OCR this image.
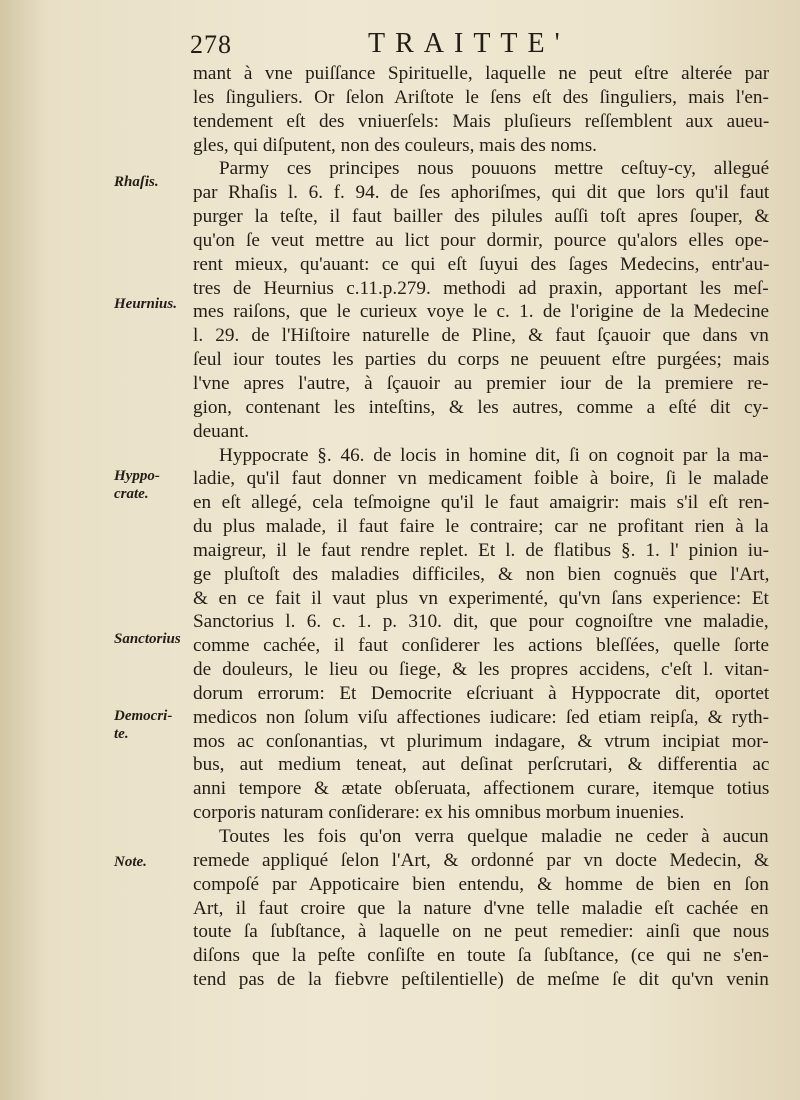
278	TRAITTE'
Rhaſis.
Heurnius.
Hyppo-
crate.
Sanctorius
Democri-
te.
Note.
mant à vne puiſſance Spirituelle, laquelle ne peut eſtre alterée par
les ſinguliers. Or ſelon Ariſtote le ſens eſt des ſinguliers, mais l'en-
tendement eſt des vniuerſels: Mais pluſieurs reſſemblent aux aueu-
gles, qui diſputent, non des couleurs, mais des noms.
Parmy ces principes nous pouuons mettre ceſtuy-cy, allegué
par Rhaſis l. 6. f. 94. de ſes aphoriſmes, qui dit que lors qu'il faut
purger la teſte, il faut bailler des pilules auſſi toſt apres ſouper, &
qu'on ſe veut mettre au lict pour dormir, pource qu'alors elles ope-
rent mieux, qu'auant: ce qui eſt ſuyui des ſages Medecins, entr'au-
tres de Heurnius c.11.p.279. methodi ad praxin, apportant les meſ-
mes raiſons, que le curieux voye le c. 1. de l'origine de la Medecine
l. 29. de l'Hiſtoire naturelle de Pline, & faut ſçauoir que dans vn
ſeul iour toutes les parties du corps ne peuuent eſtre purgées; mais
l'vne apres l'autre, à ſçauoir au premier iour de la premiere re-
gion, contenant les inteſtins, & les autres, comme a eſté dit cy-
deuant.
Hyppocrate §. 46. de locis in homine dit, ſi on cognoit par la ma-
ladie, qu'il faut donner vn medicament foible à boire, ſi le malade
en eſt allegé, cela teſmoigne qu'il le faut amaigrir: mais s'il eſt ren-
du plus malade, il faut faire le contraire; car ne profitant rien à la
maigreur, il le faut rendre replet. Et l. de flatibus §. 1. l' pinion iu-
ge pluſtoſt des maladies difficiles, & non bien cognuës que l'Art,
& en ce fait il vaut plus vn experimenté, qu'vn ſans experience: Et
Sanctorius l. 6. c. 1. p. 310. dit, que pour cognoiſtre vne maladie,
comme cachée, il faut conſiderer les actions bleſſées, quelle ſorte
de douleurs, le lieu ou ſiege, & les propres accidens, c'eſt l. vitan-
dorum errorum: Et Democrite eſcriuant à Hyppocrate dit, oportet
medicos non ſolum viſu affectiones iudicare: ſed etiam reipſa, & ryth-
mos ac conſonantias, vt plurimum indagare, & vtrum incipiat mor-
bus, aut medium teneat, aut deſinat perſcrutari, & differentia ac
anni tempore & ætate obſeruata, affectionem curare, itemque totius
corporis naturam conſiderare: ex his omnibus morbum inuenies.
Toutes les fois qu'on verra quelque maladie ne ceder à aucun
remede appliqué ſelon l'Art, & ordonné par vn docte Medecin, &
compoſé par Appoticaire bien entendu, & homme de bien en ſon
Art, il faut croire que la nature d'vne telle maladie eſt cachée en
toute ſa ſubſtance, à laquelle on ne peut remedier: ainſi que nous
diſons que la peſte conſiſte en toute ſa ſubſtance, (ce qui ne s'en-
tend pas de la fiebvre peſtilentielle) de meſme ſe dit qu'vn venin
